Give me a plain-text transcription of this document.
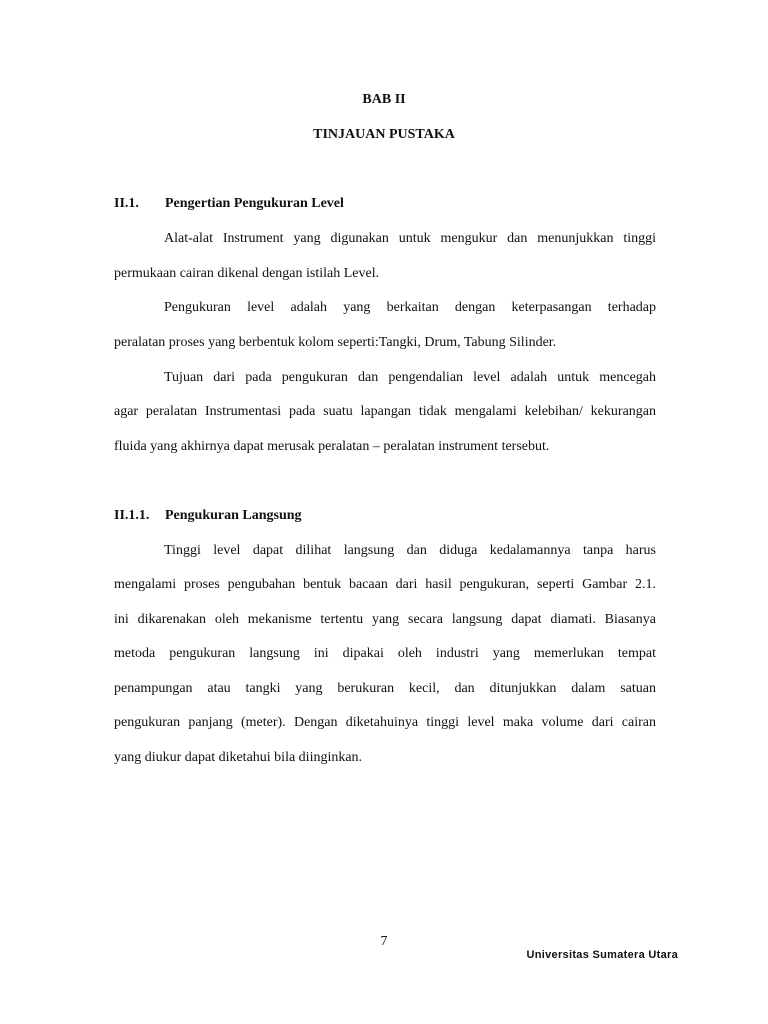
BAB II
TINJAUAN PUSTAKA
II.1. Pengertian Pengukuran Level

Alat-alat Instrument yang digunakan untuk mengukur dan menunjukkan tinggi

permukaan cairan dikenal dengan istilah Level.

Pengukuran level adalah yang berkaitan dengan keterpasangan terhadap

peralatan proses yang berbentuk kolom seperti:Tangki, Drum, Tabung Silinder.

Tujuan dari pada pengukuran dan pengendalian level adalah untuk mencegah

agar peralatan Instrumentasi pada suatu lapangan tidak mengalami kelebihan/ kekurangan

fluida yang akhirnya dapat merusak peralatan – peralatan instrument tersebut.

II.1.1. Pengukuran Langsung

Tinggi level dapat dilihat langsung dan diduga kedalamannya tanpa harus

mengalami proses pengubahan bentuk bacaan dari hasil pengukuran, seperti Gambar 2.1.

ini dikarenakan oleh mekanisme tertentu yang secara langsung dapat diamati. Biasanya

metoda pengukuran langsung ini dipakai oleh industri yang memerlukan tempat

penampungan atau tangki yang berukuran kecil, dan ditunjukkan dalam satuan

pengukuran panjang (meter). Dengan diketahuinya tinggi level maka volume dari cairan

yang diukur dapat diketahui bila diinginkan.

7

Universitas Sumatera Utara
